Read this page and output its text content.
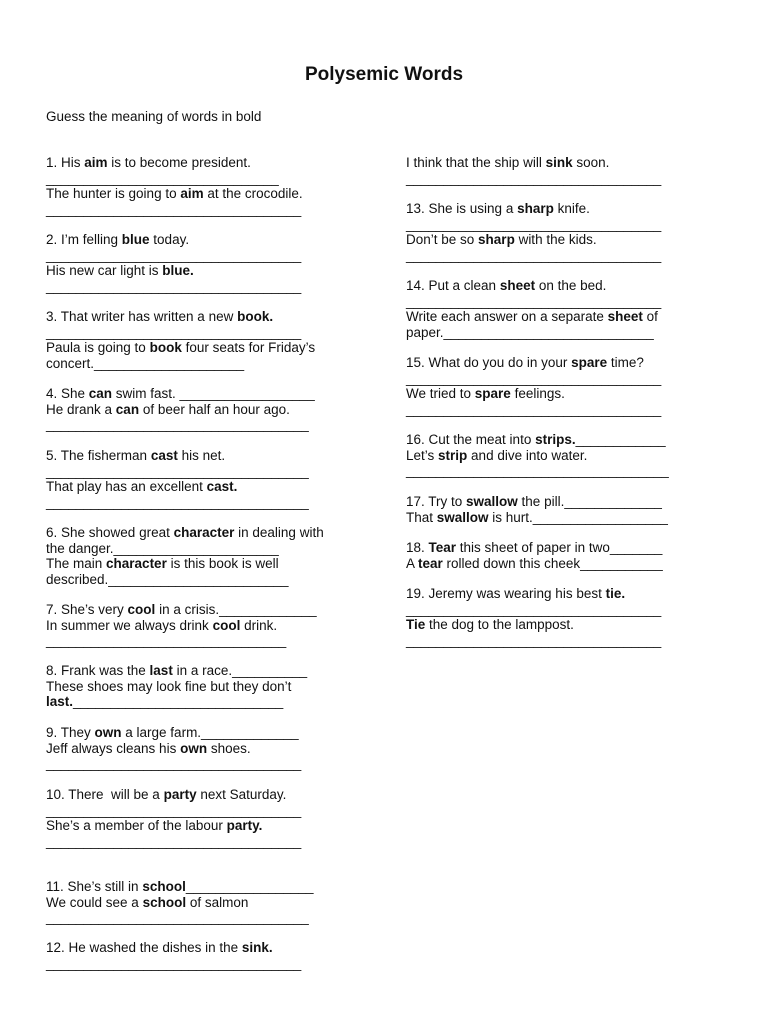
Polysemic Words
Guess the meaning of words in bold
1. His aim is to become president.
_______________________________
The hunter is going to aim at the crocodile.
__________________________________
2. I’m felling blue today.
__________________________________
His new car light is blue.
__________________________________
3. That writer has written a new book.
__________________________________
Paula is going to book four seats for Friday’s
concert.____________________
4. She can swim fast. __________________
He drank a can of beer half an hour ago.
___________________________________
5. The fisherman cast his net.
___________________________________
That play has an excellent cast.
___________________________________
6. She showed great character in dealing with
the danger.______________________
The main character is this book is well
described.________________________
7. She’s very cool in a crisis._____________
In summer we always drink cool drink.
________________________________
8. Frank was the last in a race.__________
These shoes may look fine but they don’t
last.____________________________
9. They own a large farm._____________
Jeff always cleans his own shoes.
__________________________________
10. There  will be a party next Saturday.
__________________________________
She’s a member of the labour party.
__________________________________
11. She’s still in school_________________
We could see a school of salmon
___________________________________
12. He washed the dishes in the sink.
__________________________________
I think that the ship will sink soon.
__________________________________
13. She is using a sharp knife.
__________________________________
Don’t be so sharp with the kids.
__________________________________
14. Put a clean sheet on the bed.
__________________________________
Write each answer on a separate sheet of
paper.____________________________
15. What do you do in your spare time?
__________________________________
We tried to spare feelings.
__________________________________
16. Cut the meat into strips.____________
Let’s strip and dive into water.
___________________________________
17. Try to swallow the pill._____________
That swallow is hurt.__________________
18. Tear this sheet of paper in two_______
A tear rolled down this cheek___________
19. Jeremy was wearing his best tie.
__________________________________
Tie the dog to the lamppost.
__________________________________
